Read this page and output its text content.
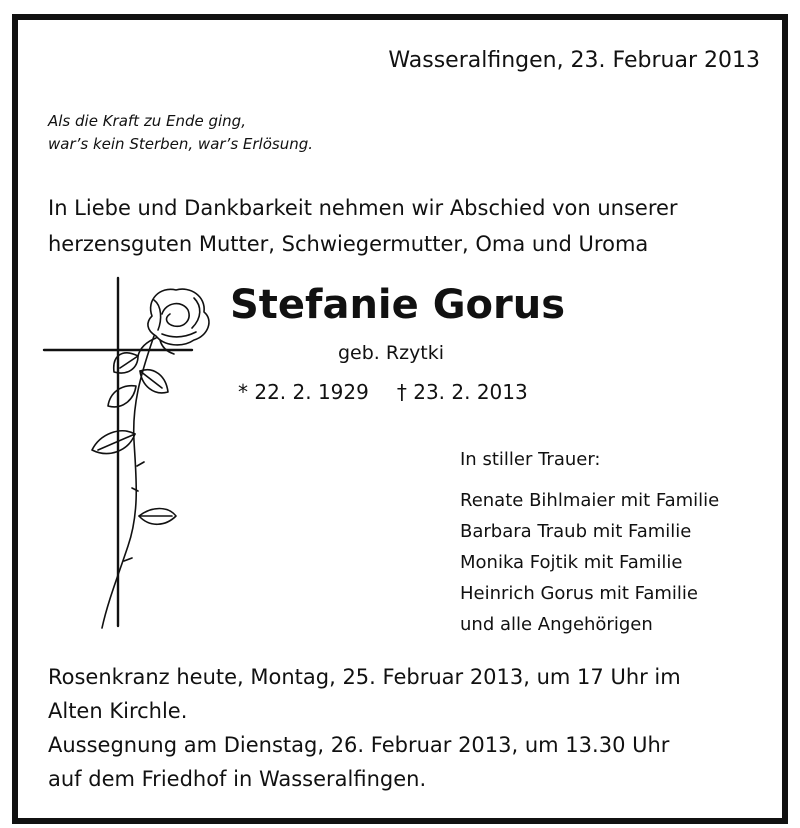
Wasseralfingen, 23. Februar 2013
Als die Kraft zu Ende ging,
war’s kein Sterben, war’s Erlösung.
In Liebe und Dankbarkeit nehmen wir Abschied von unserer
herzensguten Mutter, Schwiegermutter, Oma und Uroma
Stefanie Gorus
geb. Rzytki
* 22. 2. 1929 † 23. 2. 2013
In stiller Trauer:
Renate Bihlmaier mit Familie
Barbara Traub mit Familie
Monika Fojtik mit Familie
Heinrich Gorus mit Familie
und alle Angehörigen
Rosenkranz heute, Montag, 25. Februar 2013, um 17 Uhr im
Alten Kirchle.
Aussegnung am Dienstag, 26. Februar 2013, um 13.30 Uhr
auf dem Friedhof in Wasseralfingen.
